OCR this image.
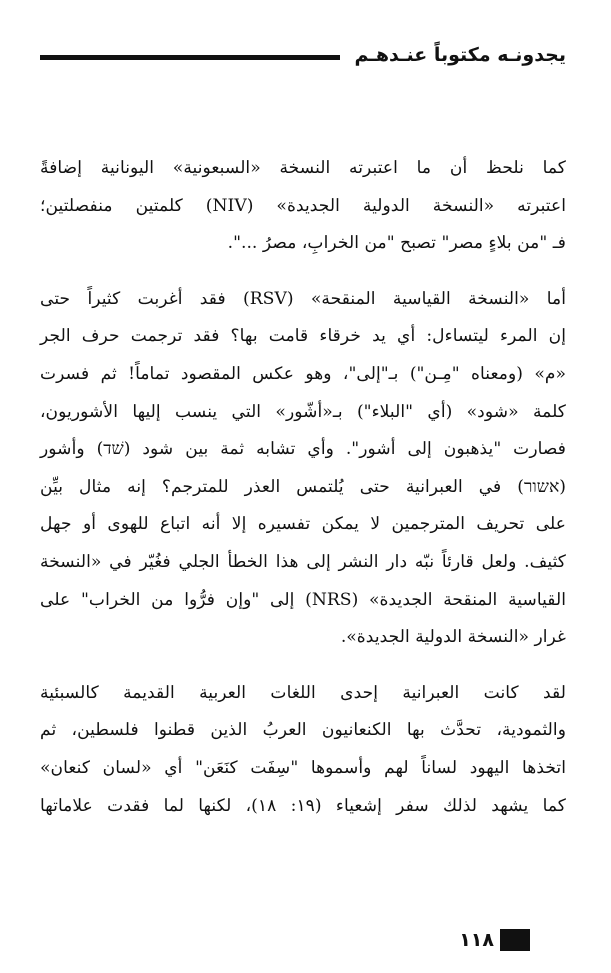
يجدونـه مكتوباً عنـدهـم

كما نلحظ أن ما اعتبرته النسخة «السبعونية» اليونانية إضافةً
اعتبرته «النسخة الدولية الجديدة» (NIV) كلمتين منفصلتين؛
فـ "من بلاءٍ مصر" تصبح "من الخرابِ، مصرُ ...".

أما «النسخة القياسية المنقحة» (RSV) فقد أغربت كثيراً حتى
إن المرء ليتساءل: أي يد خرقاء قامت بها؟ فقد ترجمت حرف الجر
«م» (ومعناه "مِـن") بـ"إلى"، وهو عكس المقصود تماماً! ثم فسرت
كلمة «شود» (أي "البلاء") بـ«أشّور» التي ينسب إليها الأشوريون،
فصارت "يذهبون إلى أشور". وأي تشابه ثمة بين شود (שׁד) وأشور
(אשור) في العبرانية حتى يُلتمس العذر للمترجم؟ إنه مثال بيِّن
على تحريف المترجمين لا يمكن تفسيره إلا أنه اتباع للهوى أو جهل
كثيف. ولعل قارئاً نبّه دار النشر إلى هذا الخطأ الجلي فغُيّر في «النسخة
القياسية المنقحة الجديدة» (NRS) إلى "وإن فرُّوا من الخراب" على
غرار «النسخة الدولية الجديدة».

لقد كانت العبرانية إحدى اللغات العربية القديمة كالسبئية
والثمودية، تحدَّث بها الكنعانيون العربُ الذين قطنوا فلسطين، ثم
اتخذها اليهود لساناً لهم وأسموها "سِفَت كنَعَن" أي «لسان كنعان»
كما يشهد لذلك سفر إشعياء (١٩: ١٨)، لكنها لما فقدت علاماتها

١١٨
